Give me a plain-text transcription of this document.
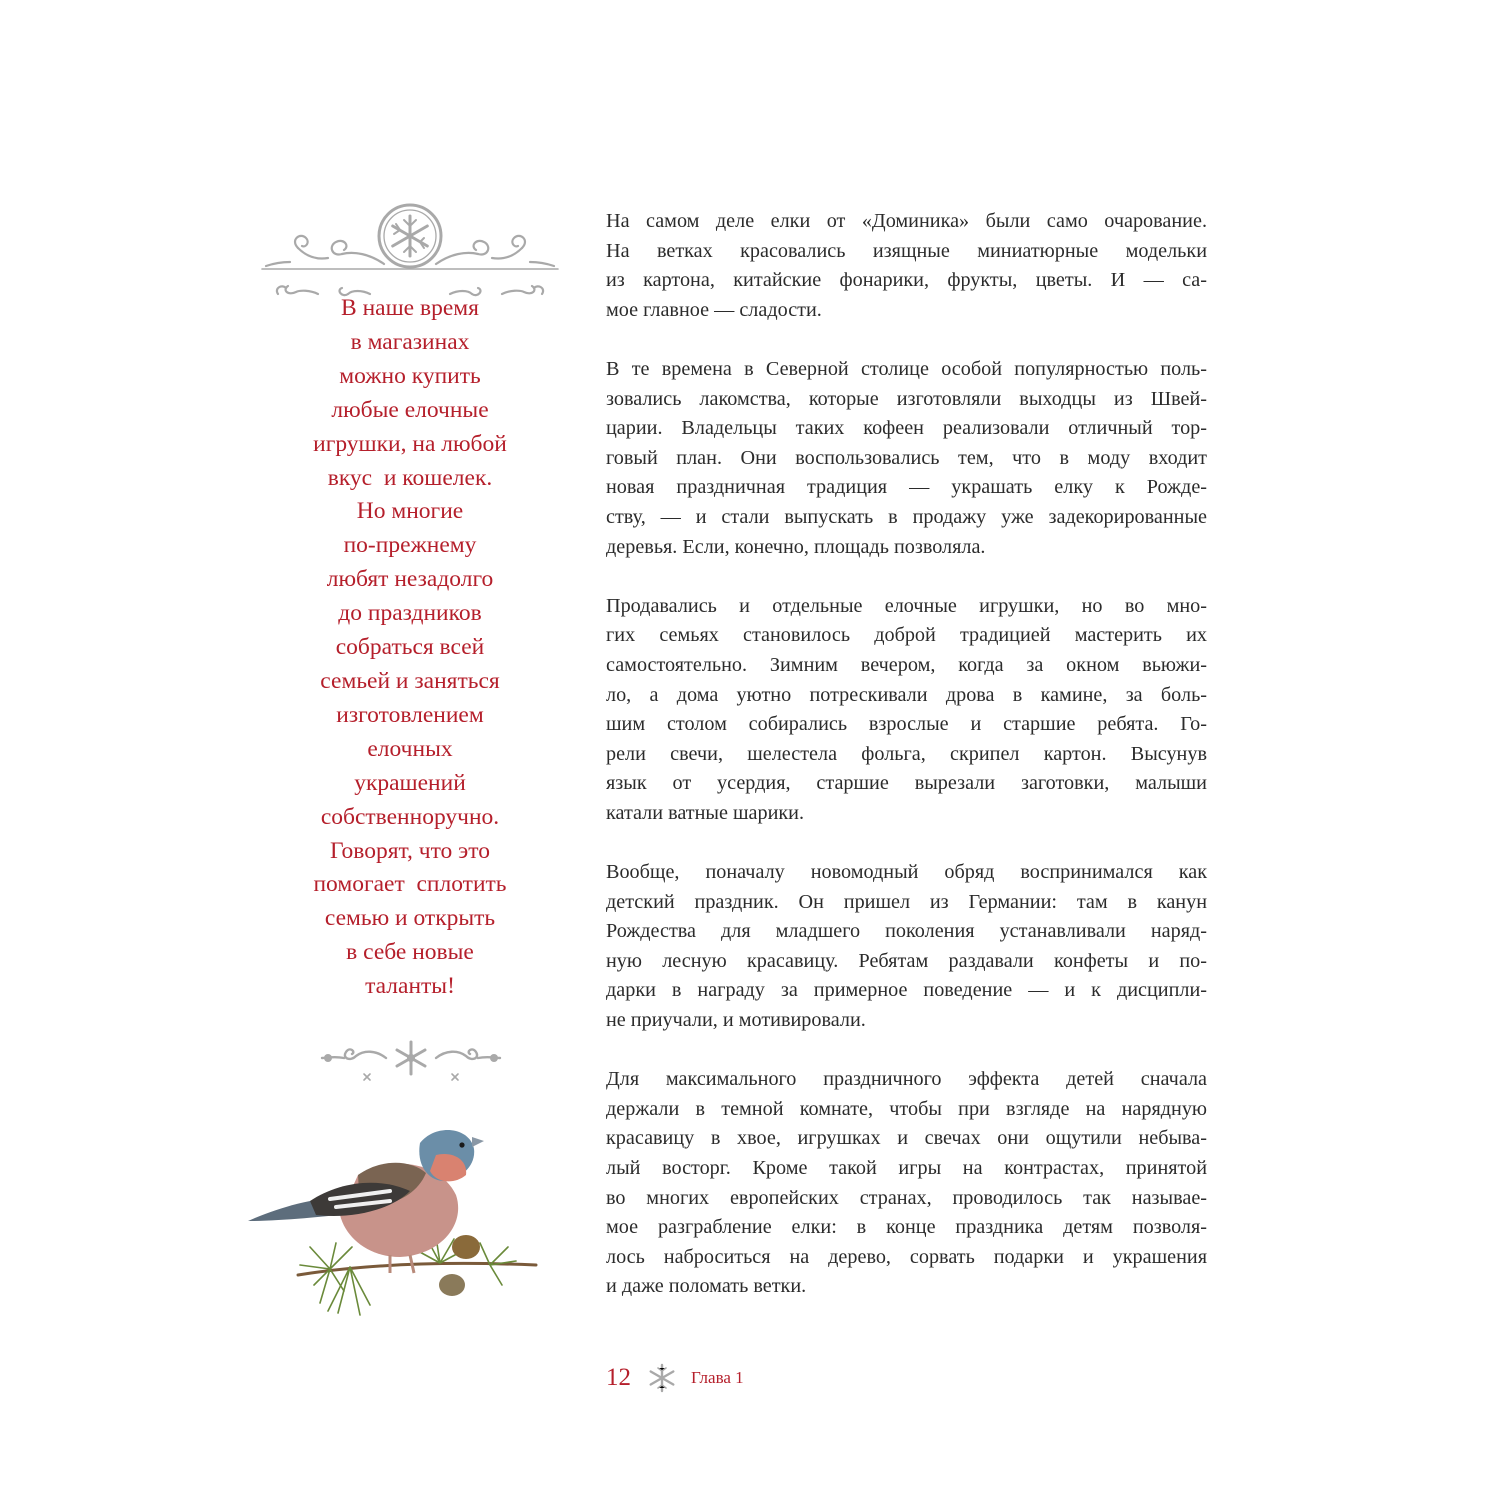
В наше время
в магазинах
можно купить
любые елочные
игрушки, на любой
вкус  и кошелек.
Но многие
по-прежнему
любят незадолго
до праздников
собраться всей
семьей и заняться
изготовлением
елочных
украшений
собственноручно.
Говорят, что это
помогает  сплотить
семью и открыть
в себе новые
таланты!

На самом деле елки от «Доминика» были само очарование.
На ветках красовались изящные миниатюрные модельки
из картона, китайские фонарики, фрукты, цветы. И — са-
мое главное — сладости.

В те времена в Северной столице особой популярностью поль-
зовались лакомства, которые изготовляли выходцы из Швей-
царии. Владельцы таких кофеен реализовали отличный тор-
говый план. Они воспользовались тем, что в моду входит
новая праздничная традиция — украшать елку к Рожде-
ству, — и стали выпускать в продажу уже задекорированные
деревья. Если, конечно, площадь позволяла.

Продавались и отдельные елочные игрушки, но во мно-
гих семьях становилось доброй традицией мастерить их
самостоятельно. Зимним вечером, когда за окном вьюжи-
ло, а дома уютно потрескивали дрова в камине, за боль-
шим столом собирались взрослые и старшие ребята. Го-
рели свечи, шелестела фольга, скрипел картон. Высунув
язык от усердия, старшие вырезали заготовки, малыши
катали ватные шарики.

Вообще, поначалу новомодный обряд воспринимался как
детский праздник. Он пришел из Германии: там в канун
Рождества для младшего поколения устанавливали наряд-
ную лесную красавицу. Ребятам раздавали конфеты и по-
дарки в награду за примерное поведение — и к дисципли-
не приучали, и мотивировали.

Для максимального праздничного эффекта детей сначала
держали в темной комнате, чтобы при взгляде на нарядную
красавицу в хвое, игрушках и свечах они ощутили небыва-
лый восторг. Кроме такой игры на контрастах, принятой
во многих европейских странах, проводилось так называе-
мое разграбление елки: в конце праздника детям позволя-
лось наброситься на дерево, сорвать подарки и украшения
и даже поломать ветки.

12	Глава 1
